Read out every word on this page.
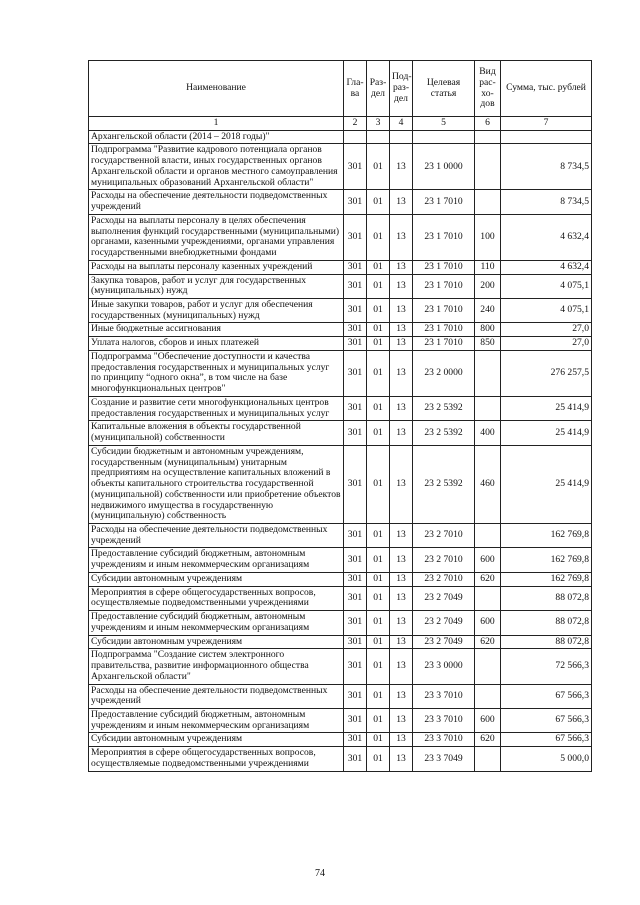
Наименование	Гла-ва	Раз-дел	Под-раз-дел	Целевая статья	Вид рас-хо-дов	Сумма, тыс. рублей
1	2	3	4	5	6	7
Архангельской области (2014 – 2018 годы)"						
Подпрограмма "Развитие кадрового потенциала органов государственной власти, иных государственных органов Архангельской области и органов местного самоуправления муниципальных образований Архангельской области"	301	01	13	23 1 0000		8 734,5
Расходы на обеспечение деятельности подведомственных учреждений	301	01	13	23 1 7010		8 734,5
Расходы на выплаты персоналу в целях обеспечения выполнения функций государственными (муниципальными) органами, казенными учреждениями, органами управления государственными внебюджетными фондами	301	01	13	23 1 7010	100	4 632,4
Расходы на выплаты персоналу казенных учреждений	301	01	13	23 1 7010	110	4 632,4
Закупка товаров, работ и услуг для государственных (муниципальных) нужд	301	01	13	23 1 7010	200	4 075,1
Иные закупки товаров, работ и услуг для обеспечения государственных (муниципальных) нужд	301	01	13	23 1 7010	240	4 075,1
Иные бюджетные ассигнования	301	01	13	23 1 7010	800	27,0
Уплата налогов, сборов и иных платежей	301	01	13	23 1 7010	850	27,0
Подпрограмма "Обеспечение доступности и качества предоставления государственных и муниципальных услуг по принципу “одного окна”, в том числе на базе многофункциональных центров"	301	01	13	23 2 0000		276 257,5
Создание и развитие сети многофункциональных центров предоставления государственных и муниципальных услуг	301	01	13	23 2 5392		25 414,9
Капитальные вложения в объекты государственной (муниципальной) собственности	301	01	13	23 2 5392	400	25 414,9
Субсидии бюджетным и автономным учреждениям, государственным (муниципальным) унитарным предприятиям на осуществление капитальных вложений в объекты капитального строительства государственной (муниципальной) собственности или приобретение объектов недвижимого имущества в государственную (муниципальную) собственность	301	01	13	23 2 5392	460	25 414,9
Расходы на обеспечение деятельности подведомственных учреждений	301	01	13	23 2 7010		162 769,8
Предоставление субсидий бюджетным, автономным учреждениям и иным некоммерческим организациям	301	01	13	23 2 7010	600	162 769,8
Субсидии автономным учреждениям	301	01	13	23 2 7010	620	162 769,8
Мероприятия в сфере общегосударственных вопросов, осуществляемые подведомственными учреждениями	301	01	13	23 2 7049		88 072,8
Предоставление субсидий бюджетным, автономным учреждениям и иным некоммерческим организациям	301	01	13	23 2 7049	600	88 072,8
Субсидии автономным учреждениям	301	01	13	23 2 7049	620	88 072,8
Подпрограмма "Создание систем электронного правительства, развитие информационного общества Архангельской области"	301	01	13	23 3 0000		72 566,3
Расходы на обеспечение деятельности подведомственных учреждений	301	01	13	23 3 7010		67 566,3
Предоставление субсидий бюджетным, автономным учреждениям и иным некоммерческим организациям	301	01	13	23 3 7010	600	67 566,3
Субсидии автономным учреждениям	301	01	13	23 3 7010	620	67 566,3
Мероприятия в сфере общегосударственных вопросов, осуществляемые подведомственными учреждениями	301	01	13	23 3 7049		5 000,0
74
